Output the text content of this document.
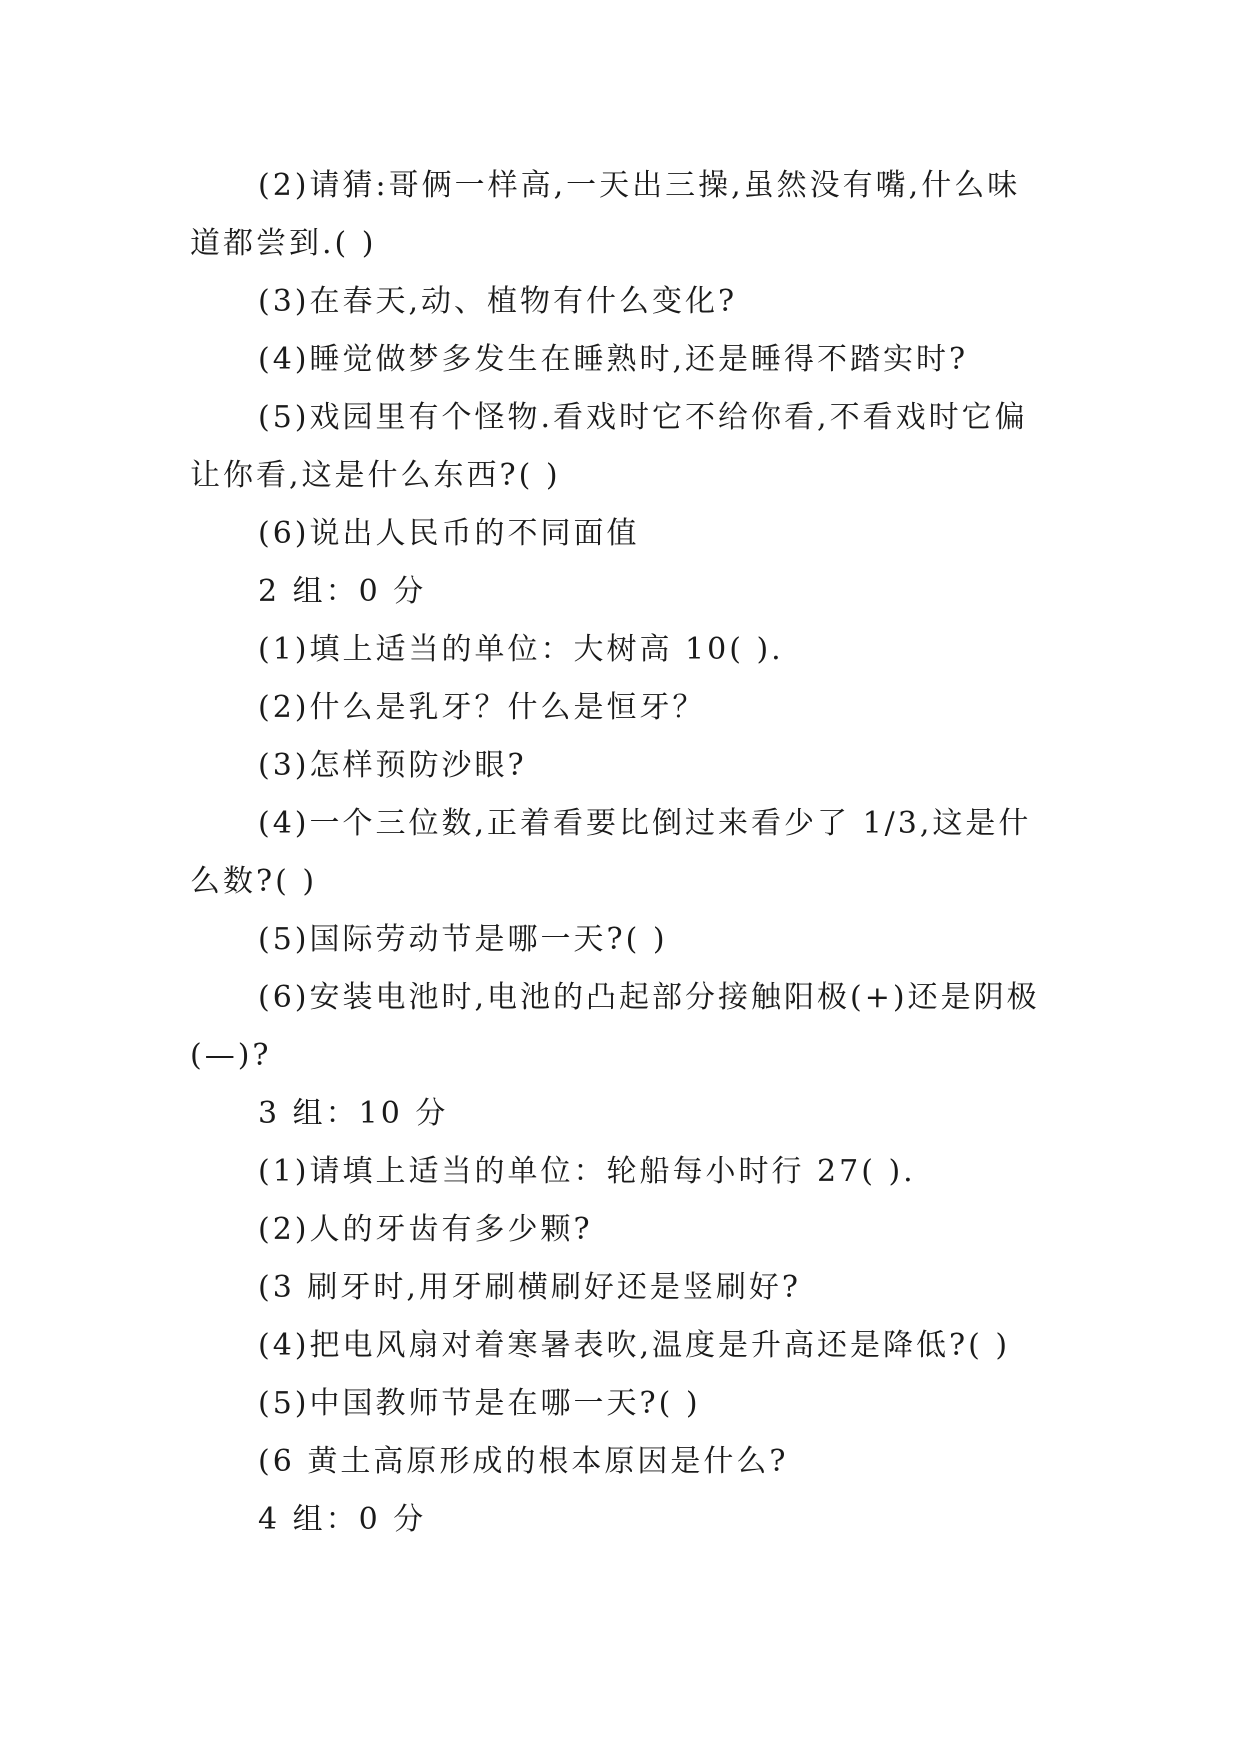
(2)请猜:哥俩一样高,一天出三操,虽然没有嘴,什么味道都尝到.( )

(3)在春天,动、植物有什么变化?

(4)睡觉做梦多发生在睡熟时,还是睡得不踏实时?

(5)戏园里有个怪物.看戏时它不给你看,不看戏时它偏让你看,这是什么东西?( )

(6)说出人民币的不同面值

2 组：0 分

(1)填上适当的单位：大树高 10( ).

(2)什么是乳牙？什么是恒牙？

(3)怎样预防沙眼?

(4)一个三位数,正着看要比倒过来看少了 1/3,这是什么数?( )

(5)国际劳动节是哪一天?( )

(6)安装电池时,电池的凸起部分接触阳极(+)还是阴极(—)?

3 组：10 分

(1)请填上适当的单位：轮船每小时行 27( ).

(2)人的牙齿有多少颗?

(3 刷牙时,用牙刷横刷好还是竖刷好?

(4)把电风扇对着寒暑表吹,温度是升高还是降低?( )

(5)中国教师节是在哪一天?( )

(6 黄土高原形成的根本原因是什么?

4 组：0 分
